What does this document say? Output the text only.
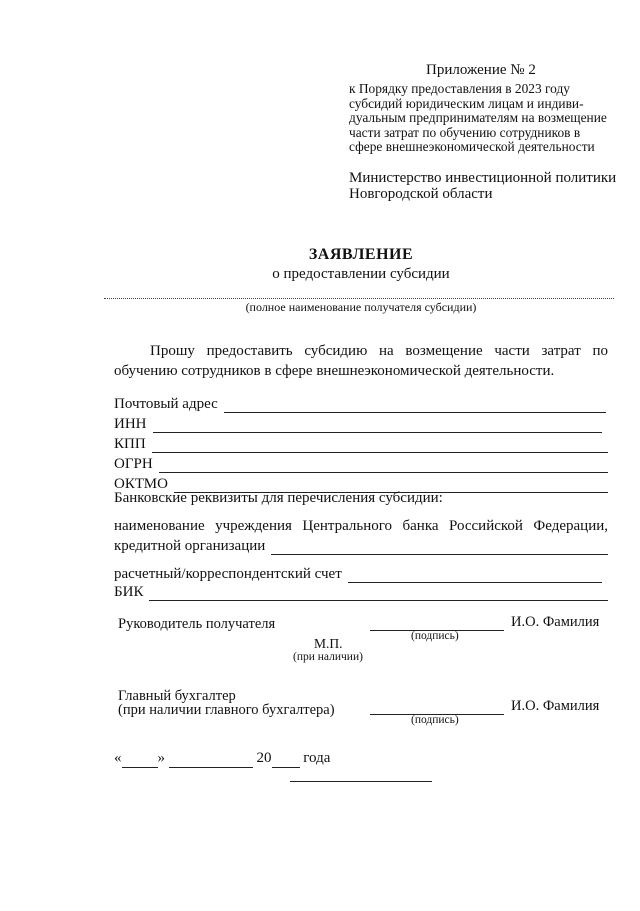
Приложение № 2
к Порядку предоставления в 2023 году
субсидий юридическим лицам и индиви-
дуальным предпринимателям на возмещение
части затрат по обучению сотрудников в
сфере внешнеэкономической деятельности
Министерство инвестиционной политики
Новгородской области
ЗАЯВЛЕНИЕ
о предоставлении субсидии
(полное наименование получателя субсидии)
Прошу предоставить субсидию на возмещение части затрат по обучению сотрудников в сфере внешнеэкономической деятельности.
Почтовый адрес
ИНН
КПП
ОГРН
ОКТМО
Банковские реквизиты для перечисления субсидии:
наименование учреждения Центрального банка Российской Федерации,
кредитной организации
расчетный/корреспондентский счет
БИК
Руководитель получателя
(подпись)
И.О. Фамилия
М.П.
(при наличии)
Главный бухгалтер
(при наличии главного бухгалтера)
(подпись)
И.О. Фамилия
« »	20 года
